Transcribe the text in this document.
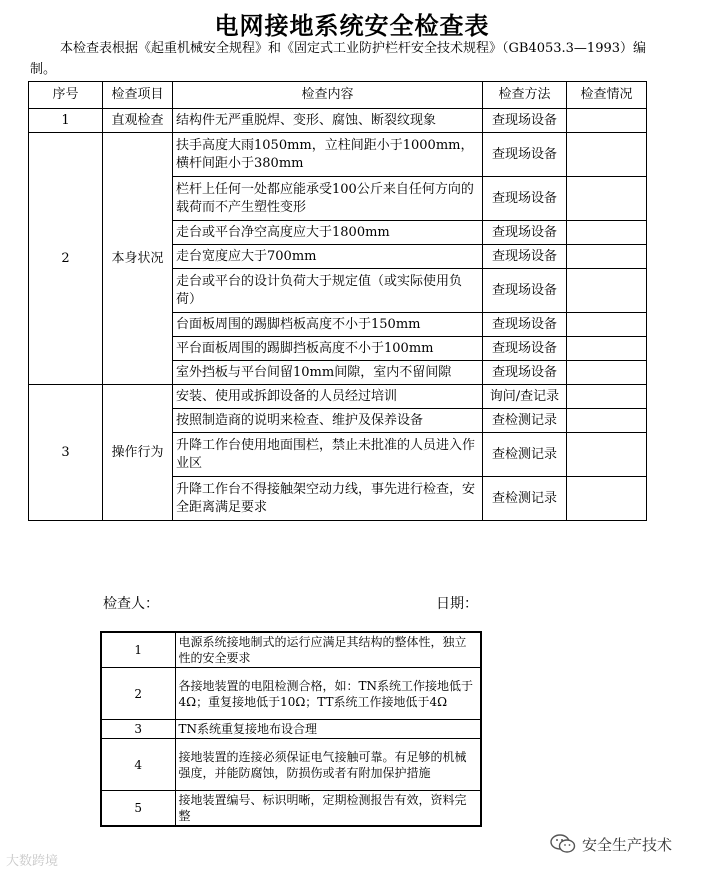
电网接地系统安全检查表
本检查表根据《起重机械安全规程》和《固定式工业防护栏杆安全技术规程》（GB4053.3—1993）编制。
序号	检查项目	检查内容	检查方法	检查情况
1	直观检查	结构件无严重脱焊、变形、腐蚀、断裂纹现象	查现场设备	
2	本身状况	扶手高度大雨1050mm，立柱间距小于1000mm，横杆间距小于380mm	查现场设备	
		栏杆上任何一处都应能承受100公斤来自任何方向的载荷而不产生塑性变形	查现场设备	
		走台或平台净空高度应大于1800mm	查现场设备	
		走台宽度应大于700mm	查现场设备	
		走台或平台的设计负荷大于规定值（或实际使用负荷）	查现场设备	
		台面板周围的踢脚档板高度不小于150mm	查现场设备	
		平台面板周围的踢脚挡板高度不小于100mm	查现场设备	
		室外挡板与平台间留10mm间隙，室内不留间隙	查现场设备	
3	操作行为	安装、使用或拆卸设备的人员经过培训	询问/查记录	
		按照制造商的说明来检查、维护及保养设备	查检测记录	
		升降工作台使用地面围栏，禁止未批准的人员进入作业区	查检测记录	
		升降工作台不得接触架空动力线，事先进行检查，安全距离满足要求	查检测记录	
检查人：	日期：
1	电源系统接地制式的运行应满足其结构的整体性，独立性的安全要求
2	各接地装置的电阻检测合格，如：TN系统工作接地低于4Ω；重复接地低于10Ω；TT系统工作接地低于4Ω
3	TN系统重复接地布设合理
4	接地装置的连接必须保证电气接触可靠。有足够的机械强度，并能防腐蚀，防损伤或者有附加保护措施
5	接地装置编号、标识明晰，定期检测报告有效，资料完整
大数跨境
安全生产技术
